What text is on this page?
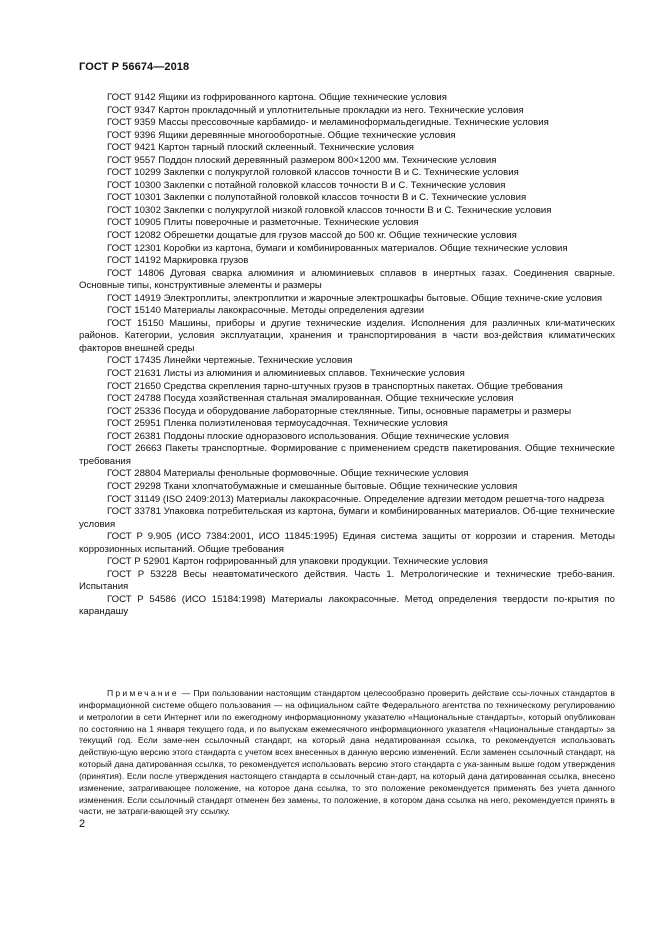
ГОСТ Р 56674—2018
ГОСТ 9142 Ящики из гофрированного картона. Общие технические условия
ГОСТ 9347 Картон прокладочный и уплотнительные прокладки из него. Технические условия
ГОСТ 9359 Массы прессовочные карбамидо- и меламиноформальдегидные. Технические условия
ГОСТ 9396 Ящики деревянные многооборотные. Общие технические условия
ГОСТ 9421 Картон тарный плоский склеенный. Технические условия
ГОСТ 9557 Поддон плоский деревянный размером 800×1200 мм. Технические условия
ГОСТ 10299 Заклепки с полукруглой головкой классов точности В и С. Технические условия
ГОСТ 10300 Заклепки с потайной головкой классов точности В и С. Технические условия
ГОСТ 10301 Заклепки с полупотайной головкой классов точности В и С. Технические условия
ГОСТ 10302 Заклепки с полукруглой низкой головкой классов точности В и С. Технические условия
ГОСТ 10905 Плиты поверочные и разметочные. Технические условия
ГОСТ 12082 Обрешетки дощатые для грузов массой до 500 кг. Общие технические условия
ГОСТ 12301 Коробки из картона, бумаги и комбинированных материалов. Общие технические условия
ГОСТ 14192 Маркировка грузов
ГОСТ 14806 Дуговая сварка алюминия и алюминиевых сплавов в инертных газах. Соединения сварные. Основные типы, конструктивные элементы и размеры
ГОСТ 14919 Электроплиты, электроплитки и жарочные электрошкафы бытовые. Общие техниче-ские условия
ГОСТ 15140 Материалы лакокрасочные. Методы определения адгезии
ГОСТ 15150 Машины, приборы и другие технические изделия. Исполнения для различных кли-матических районов. Категории, условия эксплуатации, хранения и транспортирования в части воз-действия климатических факторов внешней среды
ГОСТ 17435 Линейки чертежные. Технические условия
ГОСТ 21631 Листы из алюминия и алюминиевых сплавов. Технические условия
ГОСТ 21650 Средства скрепления тарно-штучных грузов в транспортных пакетах. Общие требования
ГОСТ 24788 Посуда хозяйственная стальная эмалированная. Общие технические условия
ГОСТ 25336 Посуда и оборудование лабораторные стеклянные. Типы, основные параметры и размеры
ГОСТ 25951 Пленка полиэтиленовая термоусадочная. Технические условия
ГОСТ 26381 Поддоны плоские одноразового использования. Общие технические условия
ГОСТ 26663 Пакеты транспортные. Формирование с применением средств пакетирования. Общие технические требования
ГОСТ 28804 Материалы фенольные формовочные. Общие технические условия
ГОСТ 29298 Ткани хлопчатобумажные и смешанные бытовые. Общие технические условия
ГОСТ 31149 (ISO 2409:2013) Материалы лакокрасочные. Определение адгезии методом решетча-того надреза
ГОСТ 33781 Упаковка потребительская из картона, бумаги и комбинированных материалов. Об-щие технические условия
ГОСТ Р 9.905 (ИСО 7384:2001, ИСО 11845:1995) Единая система защиты от коррозии и старения. Методы коррозионных испытаний. Общие требования
ГОСТ Р 52901 Картон гофрированный для упаковки продукции. Технические условия
ГОСТ Р 53228 Весы неавтоматического действия. Часть 1. Метрологические и технические требо-вания. Испытания
ГОСТ Р 54586 (ИСО 15184:1998) Материалы лакокрасочные. Метод определения твердости по-крытия по карандашу
Примечание — При пользовании настоящим стандартом целесообразно проверить действие ссы-лочных стандартов в информационной системе общего пользования — на официальном сайте Федерального агентства по техническому регулированию и метрологии в сети Интернет или по ежегодному информационному указателю «Национальные стандарты», который опубликован по состоянию на 1 января текущего года, и по выпускам ежемесячного информационного указателя «Национальные стандарты» за текущий год. Если заме-нен ссылочный стандарт, на который дана недатированная ссылка, то рекомендуется использовать действую-щую версию этого стандарта с учетом всех внесенных в данную версию изменений. Если заменен ссылочный стандарт, на который дана датированная ссылка, то рекомендуется использовать версию этого стандарта с ука-занным выше годом утверждения (принятия). Если после утверждения настоящего стандарта в ссылочный стан-дарт, на который дана датированная ссылка, внесено изменение, затрагивающее положение, на которое дана ссылка, то это положение рекомендуется применять без учета данного изменения. Если ссылочный стандарт отменен без замены, то положение, в котором дана ссылка на него, рекомендуется принять в части, не затраги-вающей эту ссылку.
2
